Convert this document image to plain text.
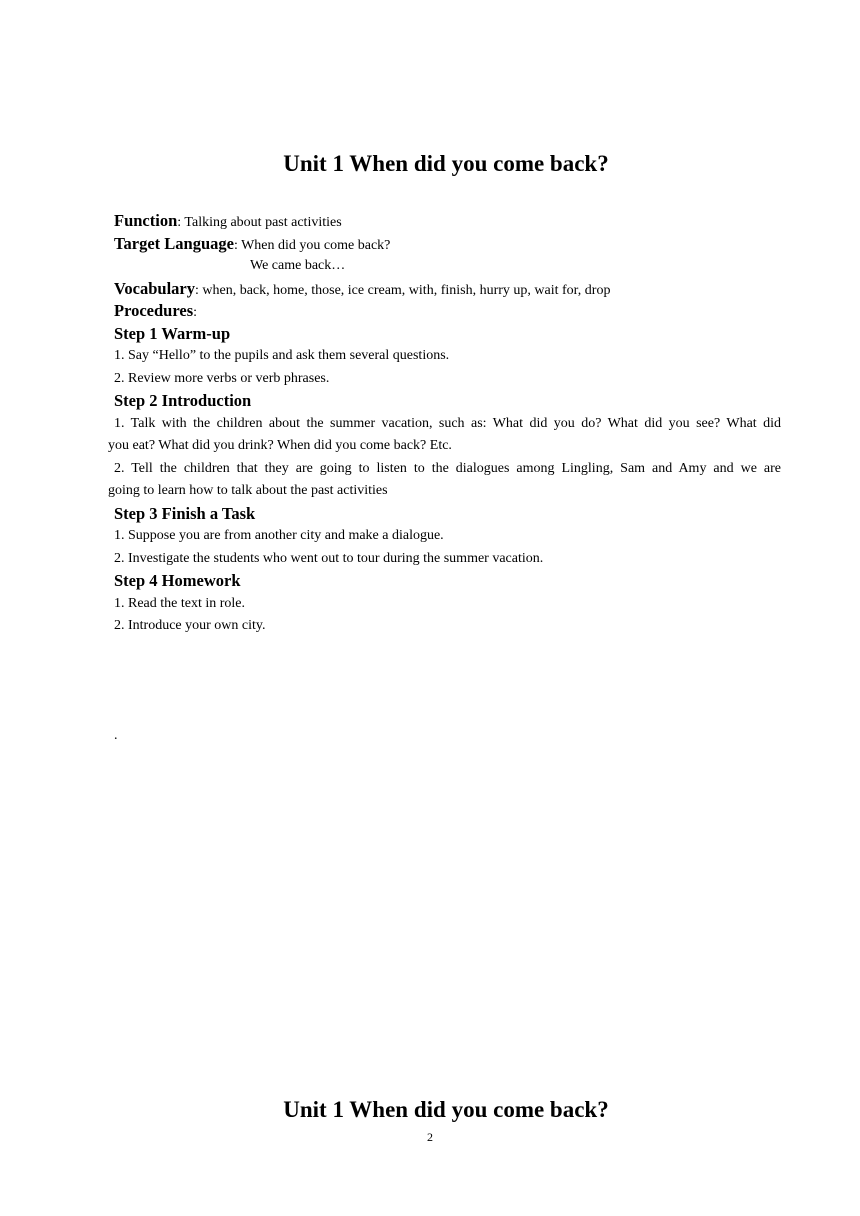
Unit 1 When did you come back?
Function: Talking about past activities
Target Language: When did you come back?
We came back…
Vocabulary: when, back, home, those, ice cream, with, finish, hurry up, wait for, drop
Procedures:
Step 1 Warm-up
1. Say “Hello” to the pupils and ask them several questions.
2. Review more verbs or verb phrases.
Step 2 Introduction
1. Talk with the children about the summer vacation, such as: What did you do? What did you see? What did
you eat? What did you drink? When did you come back? Etc.
2. Tell the children that they are going to listen to the dialogues among Lingling, Sam and Amy and we are
going to learn how to talk about the past activities
Step 3 Finish a Task
1. Suppose you are from another city and make a dialogue.
2. Investigate the students who went out to tour during the summer vacation.
Step 4 Homework
1. Read the text in role.
2. Introduce your own city.
.
Unit 1 When did you come back?
2
